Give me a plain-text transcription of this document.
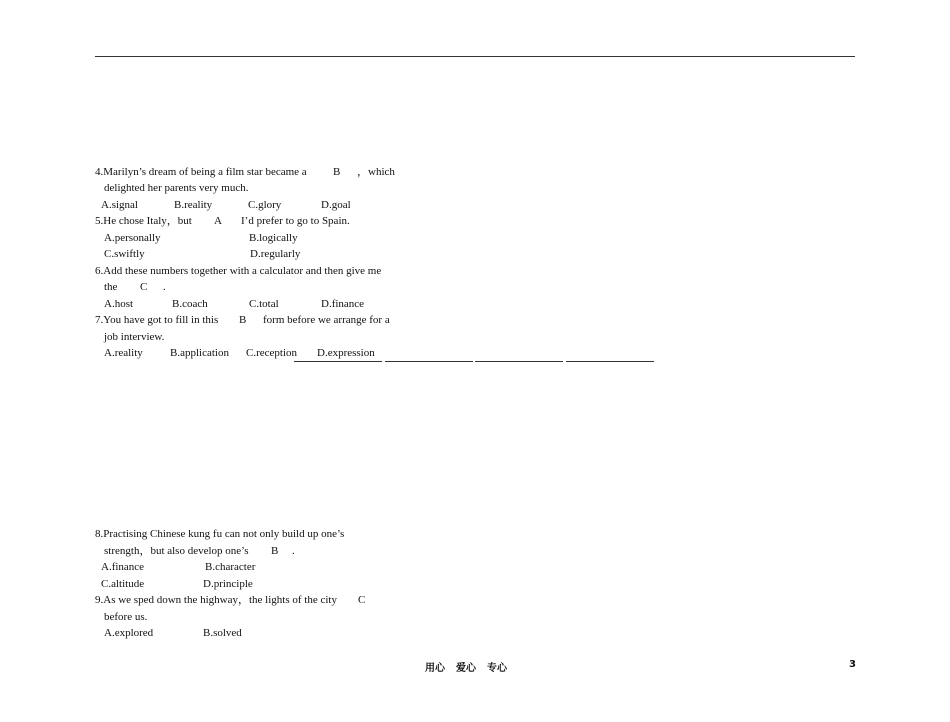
4.Marilyn’s dream of being a film star became a B ，which
delighted her parents very much.
A.signal	B.reality	C.glory	D.goal
5.He chose Italy，but A I’d prefer to go to Spain.
A.personally	B.logically
C.swiftly	D.regularly
6.Add these numbers together with a calculator and then give me
the C .
A.host	B.coach	C.total	D.finance
7.You have got to fill in this B form before we arrange for a
job interview.
A.reality B.application C.reception D.expression
8.Practising Chinese kung fu can not only build up one’s
strength，but also develop one’s B .
A.finance	B.character
C.altitude	D.principle
9.As we sped down the highway，the lights of the city C
before us.
A.explored	B.solved
用心 爱心 专心	3
